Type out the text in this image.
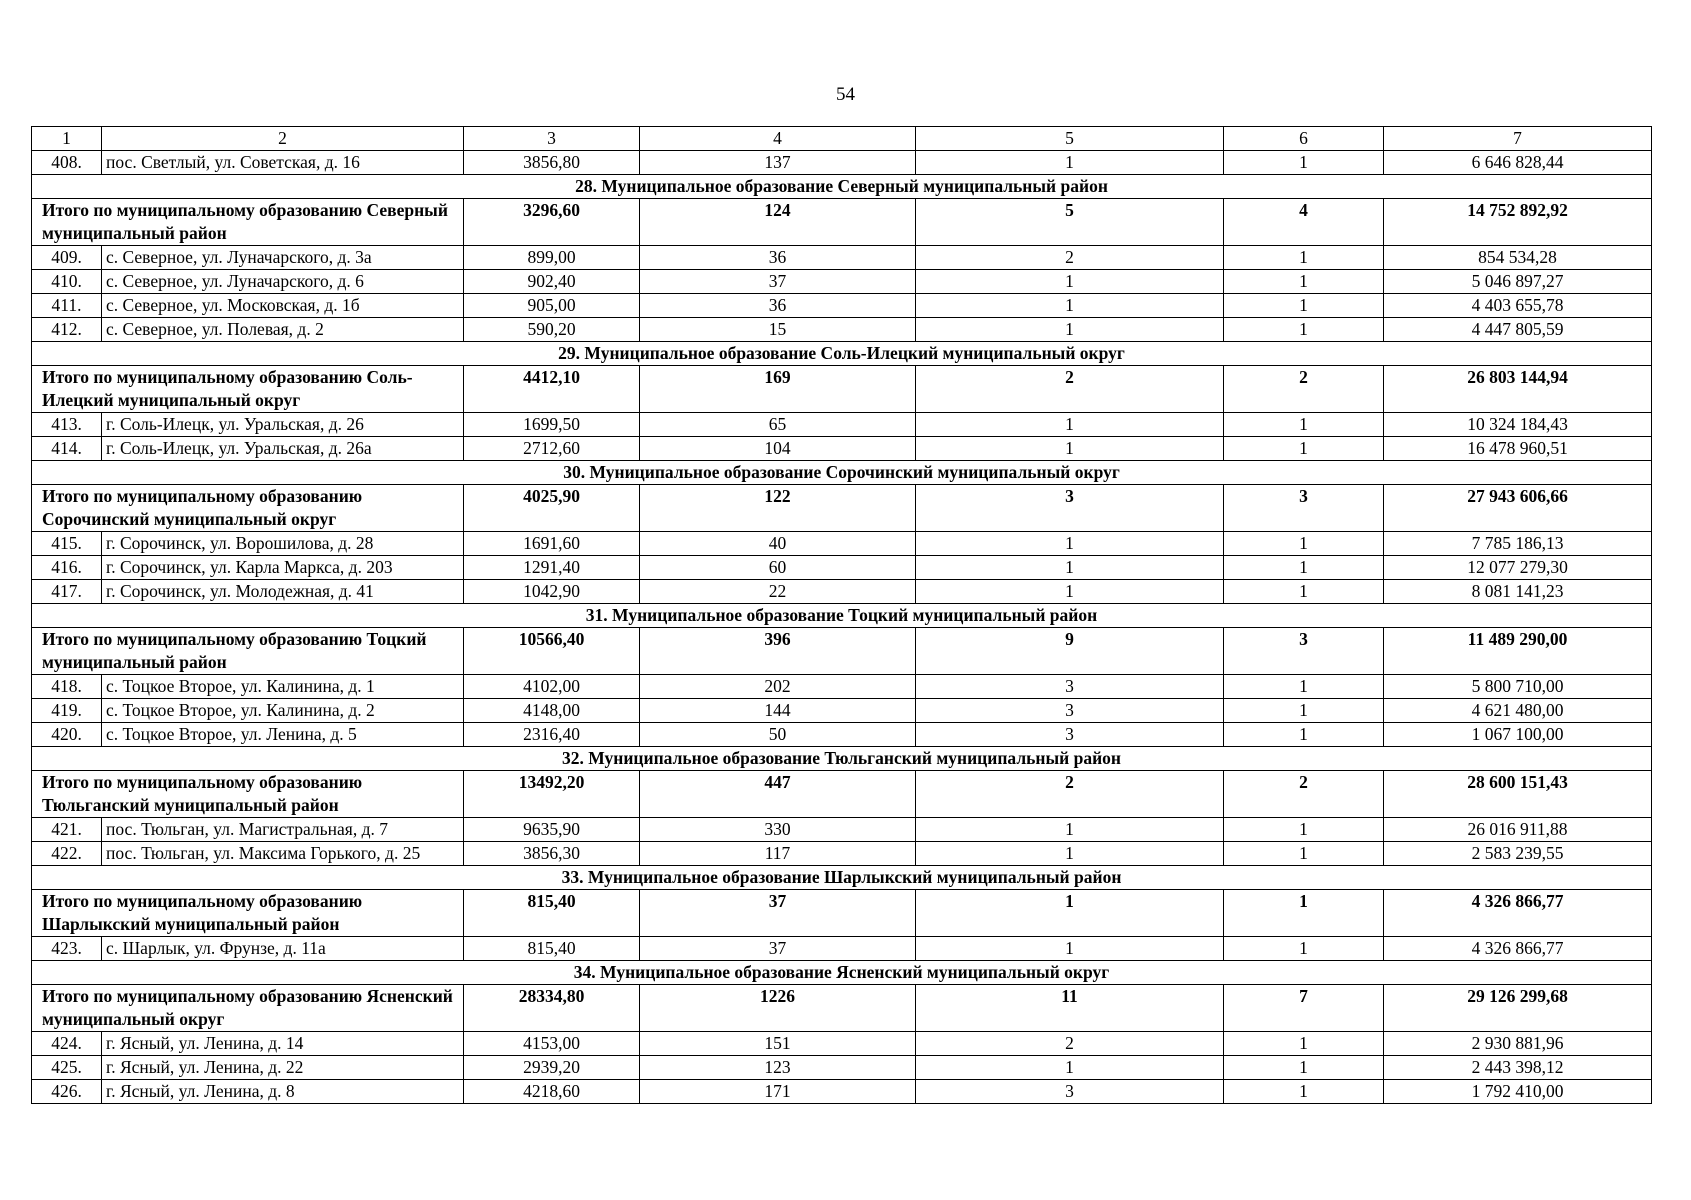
54
1	2	3	4	5	6	7
408.	пос. Светлый, ул. Советская, д. 16	3856,80	137	1	1	6 646 828,44
28. Муниципальное образование Северный муниципальный район						
Итого по муниципальному образованию Северный муниципальный район		3296,60	124	5	4	14 752 892,92
409.	с. Северное, ул. Луначарского, д. 3а	899,00	36	2	1	854 534,28
410.	с. Северное, ул. Луначарского, д. 6	902,40	37	1	1	5 046 897,27
411.	с. Северное, ул. Московская, д. 1б	905,00	36	1	1	4 403 655,78
412.	с. Северное, ул. Полевая, д. 2	590,20	15	1	1	4 447 805,59
29. Муниципальное образование Соль-Илецкий муниципальный округ						
Итого по муниципальному образованию Соль-Илецкий муниципальный округ		4412,10	169	2	2	26 803 144,94
413.	г. Соль-Илецк, ул. Уральская, д. 26	1699,50	65	1	1	10 324 184,43
414.	г. Соль-Илецк, ул. Уральская, д. 26а	2712,60	104	1	1	16 478 960,51
30. Муниципальное образование Сорочинский муниципальный округ						
Итого по муниципальному образованию Сорочинский муниципальный округ		4025,90	122	3	3	27 943 606,66
415.	г. Сорочинск, ул. Ворошилова, д. 28	1691,60	40	1	1	7 785 186,13
416.	г. Сорочинск, ул. Карла Маркса, д. 203	1291,40	60	1	1	12 077 279,30
417.	г. Сорочинск, ул. Молодежная, д. 41	1042,90	22	1	1	8 081 141,23
31. Муниципальное образование Тоцкий муниципальный район						
Итого по муниципальному образованию Тоцкий муниципальный район		10566,40	396	9	3	11 489 290,00
418.	с. Тоцкое Второе, ул. Калинина, д. 1	4102,00	202	3	1	5 800 710,00
419.	с. Тоцкое Второе, ул. Калинина, д. 2	4148,00	144	3	1	4 621 480,00
420.	с. Тоцкое Второе, ул. Ленина, д. 5	2316,40	50	3	1	1 067 100,00
32. Муниципальное образование Тюльганский муниципальный район						
Итого по муниципальному образованию Тюльганский муниципальный район		13492,20	447	2	2	28 600 151,43
421.	пос. Тюльган, ул. Магистральная, д. 7	9635,90	330	1	1	26 016 911,88
422.	пос. Тюльган, ул. Максима Горького, д. 25	3856,30	117	1	1	2 583 239,55
33. Муниципальное образование Шарлыкский муниципальный район						
Итого по муниципальному образованию Шарлыкский муниципальный район		815,40	37	1	1	4 326 866,77
423.	с. Шарлык, ул. Фрунзе, д. 11а	815,40	37	1	1	4 326 866,77
34. Муниципальное образование Ясненский муниципальный округ						
Итого по муниципальному образованию Ясненский муниципальный округ		28334,80	1226	11	7	29 126 299,68
424.	г. Ясный, ул. Ленина, д. 14	4153,00	151	2	1	2 930 881,96
425.	г. Ясный, ул. Ленина, д. 22	2939,20	123	1	1	2 443 398,12
426.	г. Ясный, ул. Ленина, д. 8	4218,60	171	3	1	1 792 410,00
